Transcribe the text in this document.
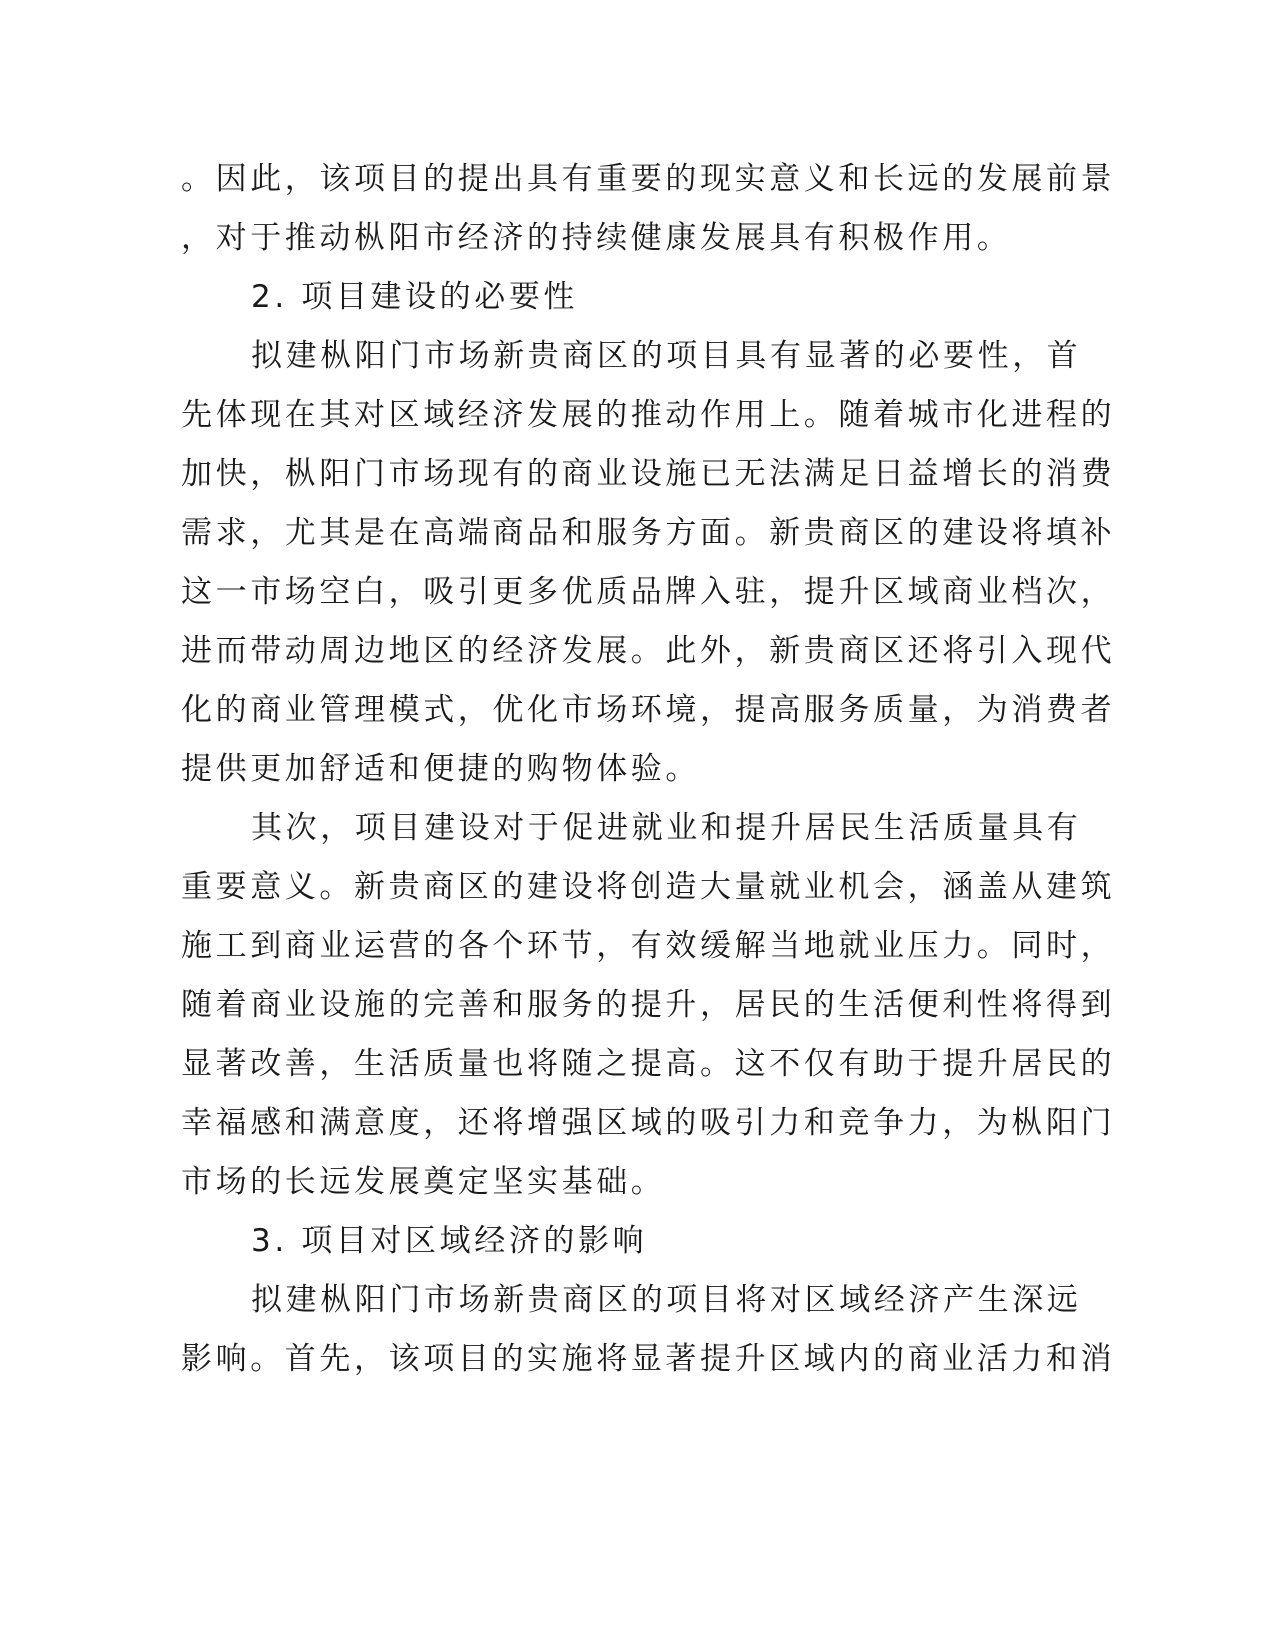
。因此，该项目的提出具有重要的现实意义和长远的发展前景
，对于推动枞阳市经济的持续健康发展具有积极作用。
2. 项目建设的必要性
拟建枞阳门市场新贵商区的项目具有显著的必要性，首
先体现在其对区域经济发展的推动作用上。随着城市化进程的
加快，枞阳门市场现有的商业设施已无法满足日益增长的消费
需求，尤其是在高端商品和服务方面。新贵商区的建设将填补
这一市场空白，吸引更多优质品牌入驻，提升区域商业档次，
进而带动周边地区的经济发展。此外，新贵商区还将引入现代
化的商业管理模式，优化市场环境，提高服务质量，为消费者
提供更加舒适和便捷的购物体验。
其次，项目建设对于促进就业和提升居民生活质量具有
重要意义。新贵商区的建设将创造大量就业机会，涵盖从建筑
施工到商业运营的各个环节，有效缓解当地就业压力。同时，
随着商业设施的完善和服务的提升，居民的生活便利性将得到
显著改善，生活质量也将随之提高。这不仅有助于提升居民的
幸福感和满意度，还将增强区域的吸引力和竞争力，为枞阳门
市场的长远发展奠定坚实基础。
3. 项目对区域经济的影响
拟建枞阳门市场新贵商区的项目将对区域经济产生深远
影响。首先，该项目的实施将显著提升区域内的商业活力和消
